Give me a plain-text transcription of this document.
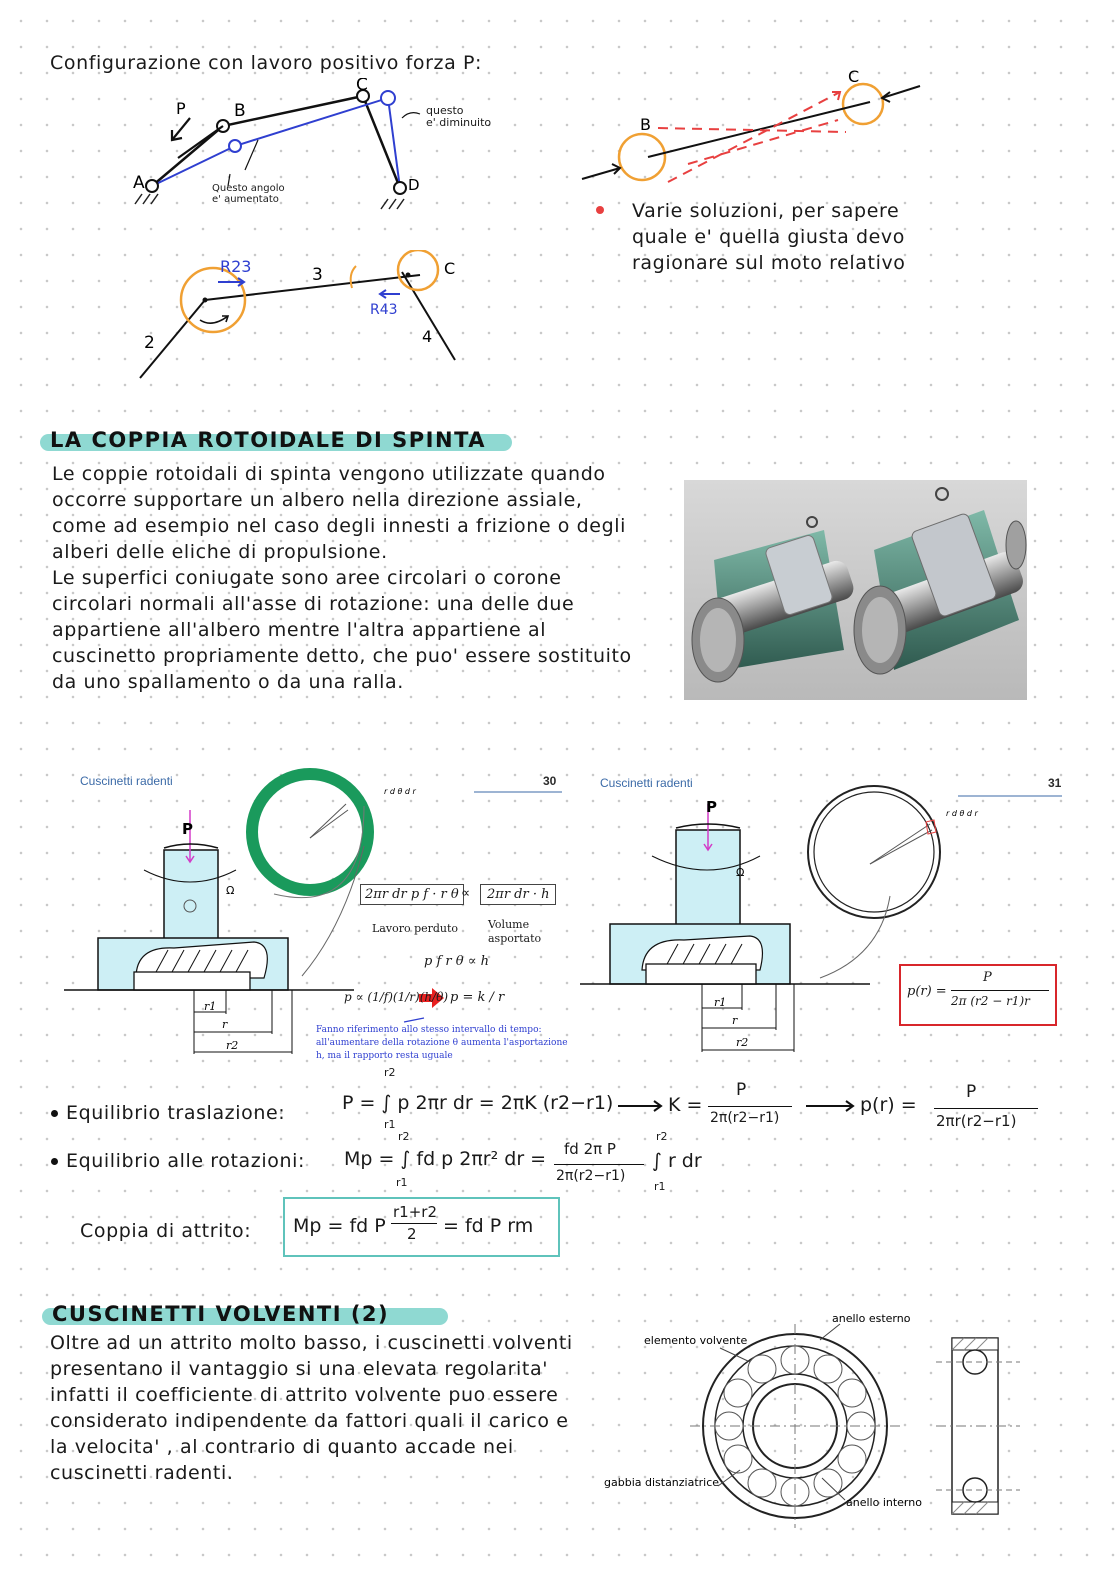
Configurazione con lavoro positivo forza P:
A
B
C
D
P
Questo angolo
e' aumentato
questo
e' diminuito
R23
R43
3
2	4
C
B
C
Varie soluzioni, per sapere quale e' quella giusta devo ragionare sul moto relativo
LA COPPIA ROTOIDALE DI SPINTA
Le coppie rotoidali di spinta vengono utilizzate quando occorre supportare un albero nella direzione assiale, come ad esempio nel caso degli innesti a frizione o degli alberi delle eliche di propulsione.
Le superfici coniugate sono aree circolari o corone circolari normali all'asse di rotazione: una delle due appartiene all'albero mentre l'altra appartiene al cuscinetto propriamente detto, che puo' essere sostituito da uno spallamento o da una ralla.
P
Ω
r1
r
r2
r d θ d r
Cuscinetti radenti	30
2πr dr p f · r θ ∝	2πr dr · h
Lavoro perduto	Volume asportato
p f r θ ∝ h
p ∝ (1/f)(1/r)(h/θ) p = k / r
Fanno riferimento allo stesso intervallo di tempo: all'aumentare della rotazione θ aumenta l'asportazione h, ma il rapporto resta uguale
P
Ω
r1
r
r2
r d θ d r
Cuscinetti radenti	31
p(r) =
P
2π (r2 − r1)r
Equilibrio traslazione:	P = ∫ p 2πr dr = 2πK (r2−r1)
r2
r1
K =
P
2π(r2−r1)
p(r) =
P
2πr(r2−r1)
Equilibrio alle rotazioni: Mp = ∫ fd p 2πr² dr =
r2
r1
fd 2π P
2π(r2−r1)
∫ r dr
r2
r1
Coppia di attrito: Mp = fd P
r1+r2
2 = fd P rm
CUSCINETTI VOLVENTI (2)
Oltre ad un attrito molto basso, i cuscinetti volventi presentano il vantaggio si una elevata regolarita' infatti il coefficiente di attrito volvente puo essere considerato indipendente da fattori quali il carico e la velocita' , al contrario di quanto accade nei cuscinetti radenti.
anello esterno
elemento volvente
gabbia distanziatrice
anello interno
